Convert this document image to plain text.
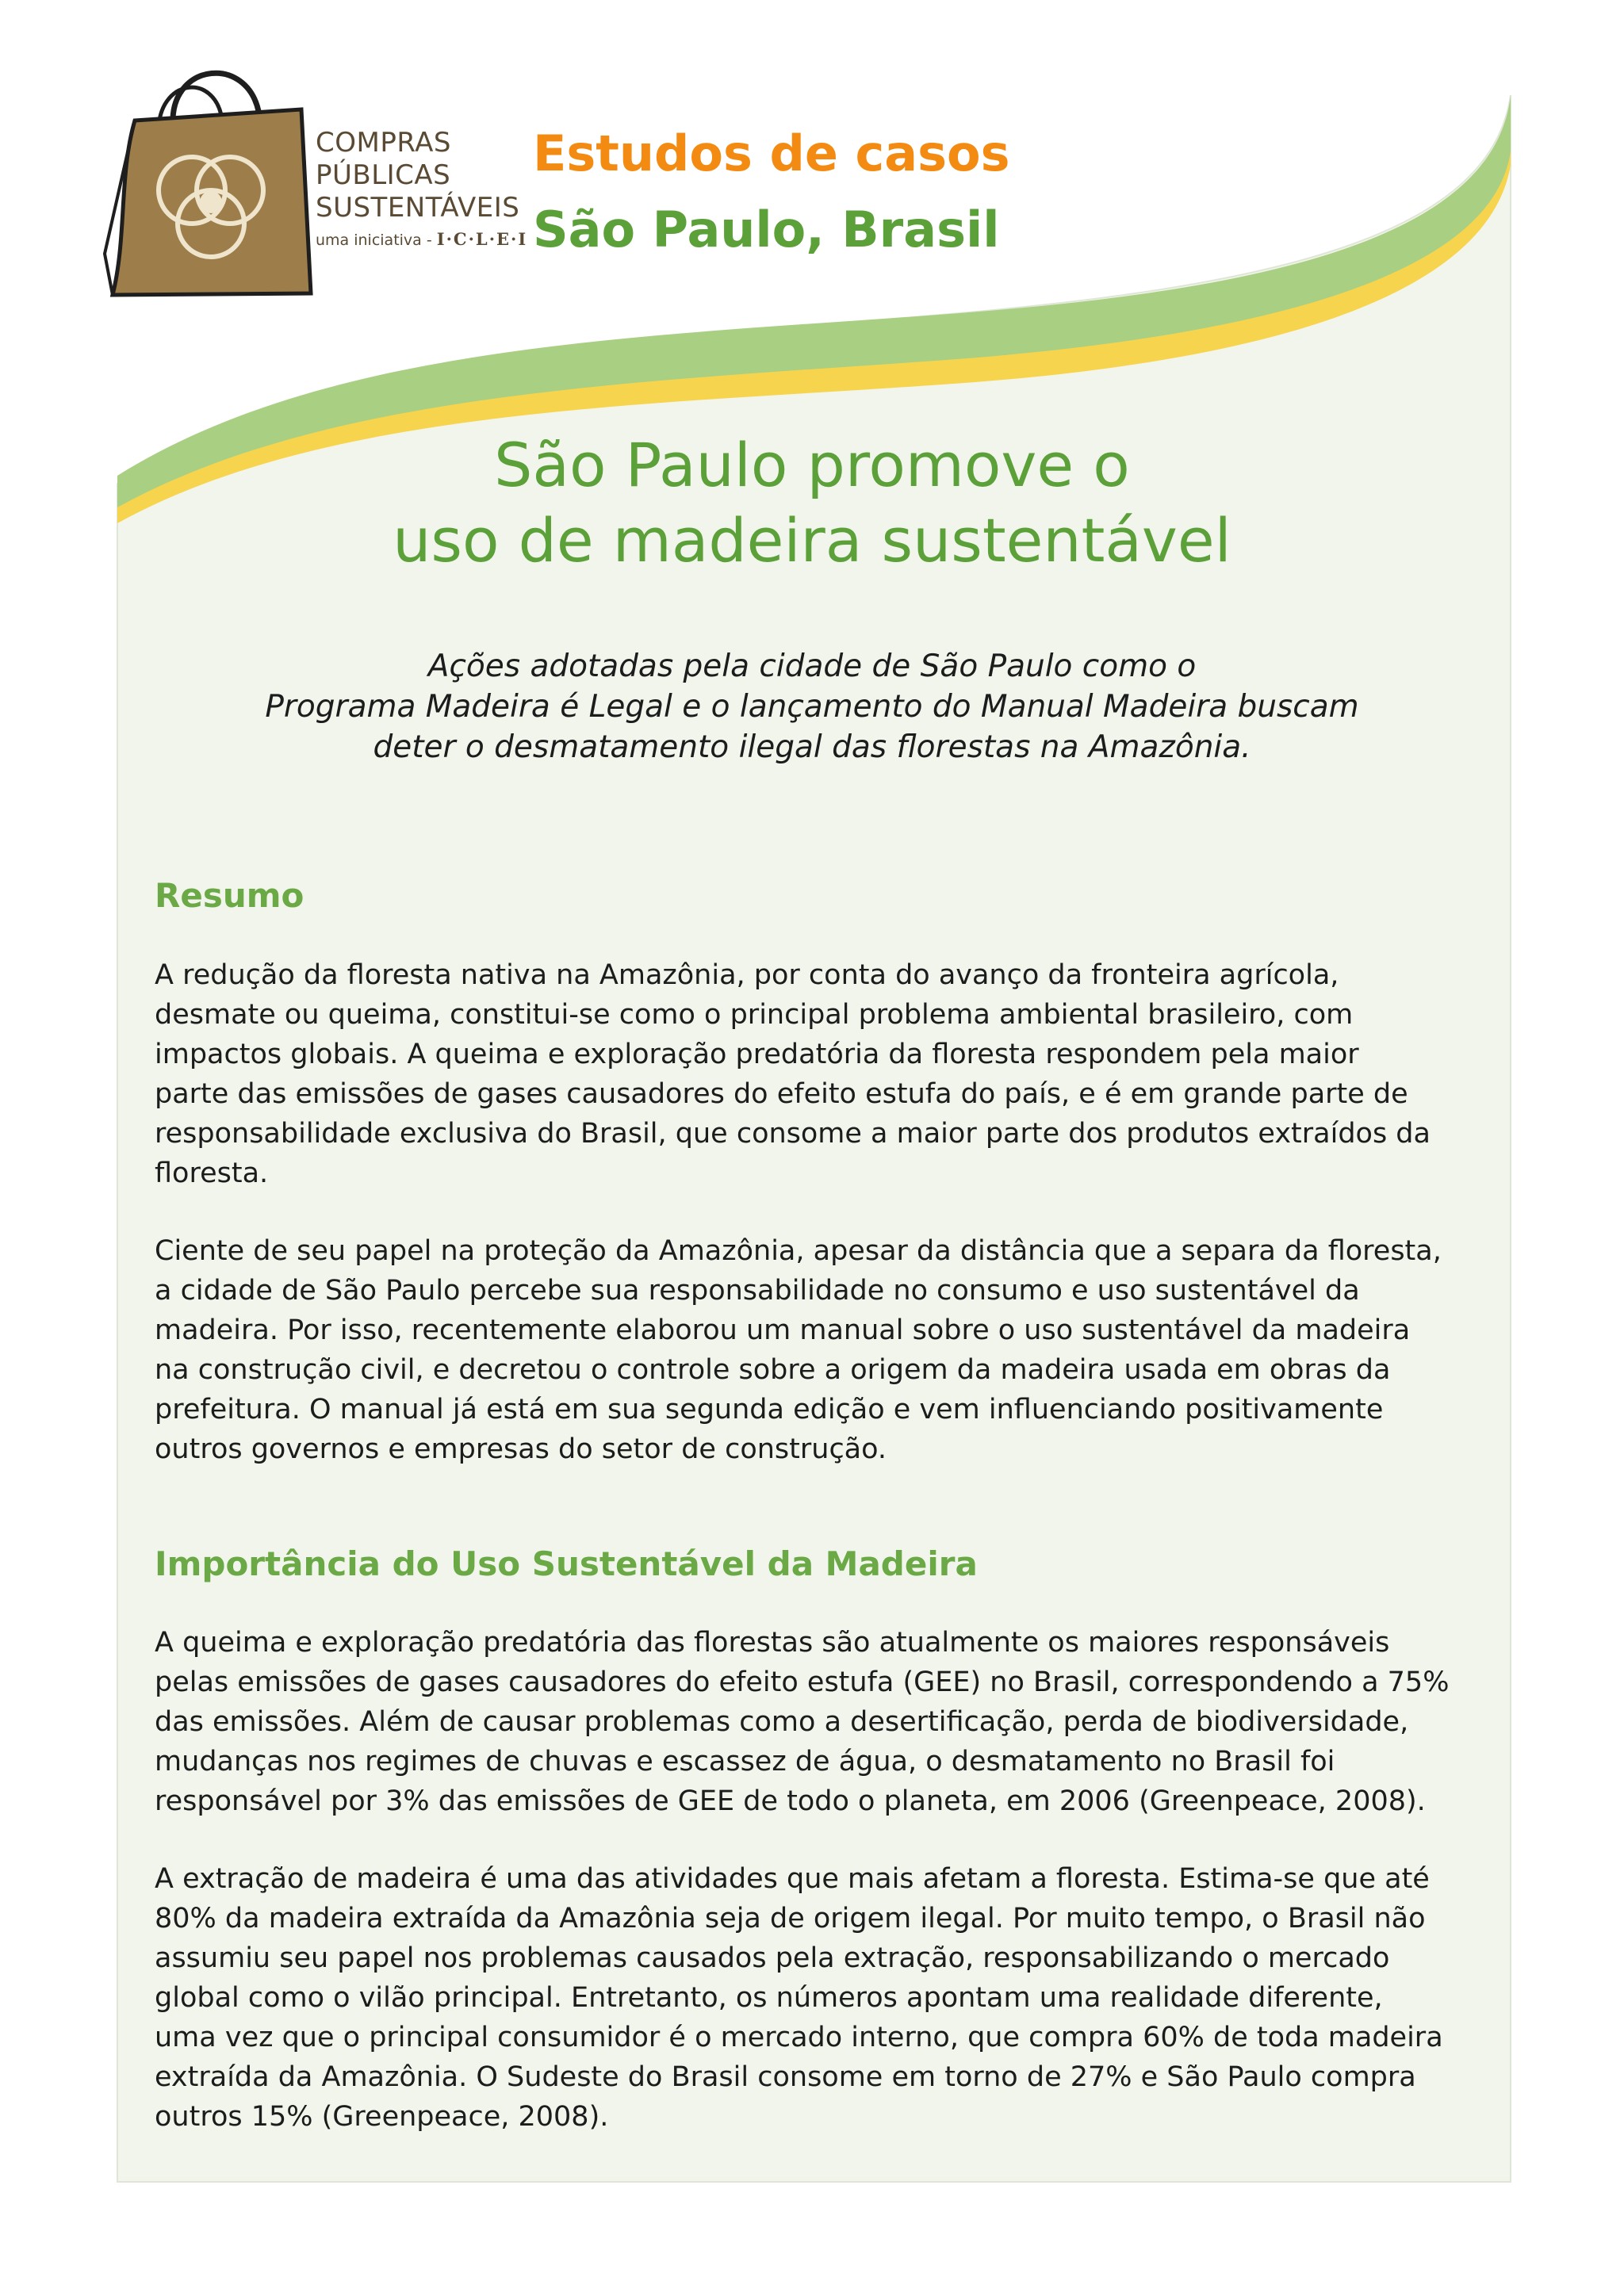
COMPRAS
PÚBLICAS
SUSTENTÁVEIS
uma iniciativa - I·C·L·E·I
Estudos de casos
São Paulo, Brasil
São Paulo promove o
uso de madeira sustentável
Ações adotadas pela cidade de São Paulo como o
Programa Madeira é Legal e o lançamento do Manual Madeira buscam
deter o desmatamento ilegal das florestas na Amazônia.
Resumo
A redução da floresta nativa na Amazônia, por conta do avanço da fronteira agrícola,
desmate ou queima, constitui-se como o principal problema ambiental brasileiro, com
impactos globais. A queima e exploração predatória da floresta respondem pela maior
parte das emissões de gases causadores do efeito estufa do país, e é em grande parte de
responsabilidade exclusiva do Brasil, que consome a maior parte dos produtos extraídos da
floresta.
Ciente de seu papel na proteção da Amazônia, apesar da distância que a separa da floresta,
a cidade de São Paulo percebe sua responsabilidade no consumo e uso sustentável da
madeira. Por isso, recentemente elaborou um manual sobre o uso sustentável da madeira
na construção civil, e decretou o controle sobre a origem da madeira usada em obras da
prefeitura. O manual já está em sua segunda edição e vem influenciando positivamente
outros governos e empresas do setor de construção.
Importância do Uso Sustentável da Madeira
A queima e exploração predatória das florestas são atualmente os maiores responsáveis
pelas emissões de gases causadores do efeito estufa (GEE) no Brasil, correspondendo a 75%
das emissões. Além de causar problemas como a desertificação, perda de biodiversidade,
mudanças nos regimes de chuvas e escassez de água, o desmatamento no Brasil foi
responsável por 3% das emissões de GEE de todo o planeta, em 2006 (Greenpeace, 2008).
A extração de madeira é uma das atividades que mais afetam a floresta. Estima-se que até
80% da madeira extraída da Amazônia seja de origem ilegal. Por muito tempo, o Brasil não
assumiu seu papel nos problemas causados pela extração, responsabilizando o mercado
global como o vilão principal. Entretanto, os números apontam uma realidade diferente,
uma vez que o principal consumidor é o mercado interno, que compra 60% de toda madeira
extraída da Amazônia. O Sudeste do Brasil consome em torno de 27% e São Paulo compra
outros 15% (Greenpeace, 2008).
